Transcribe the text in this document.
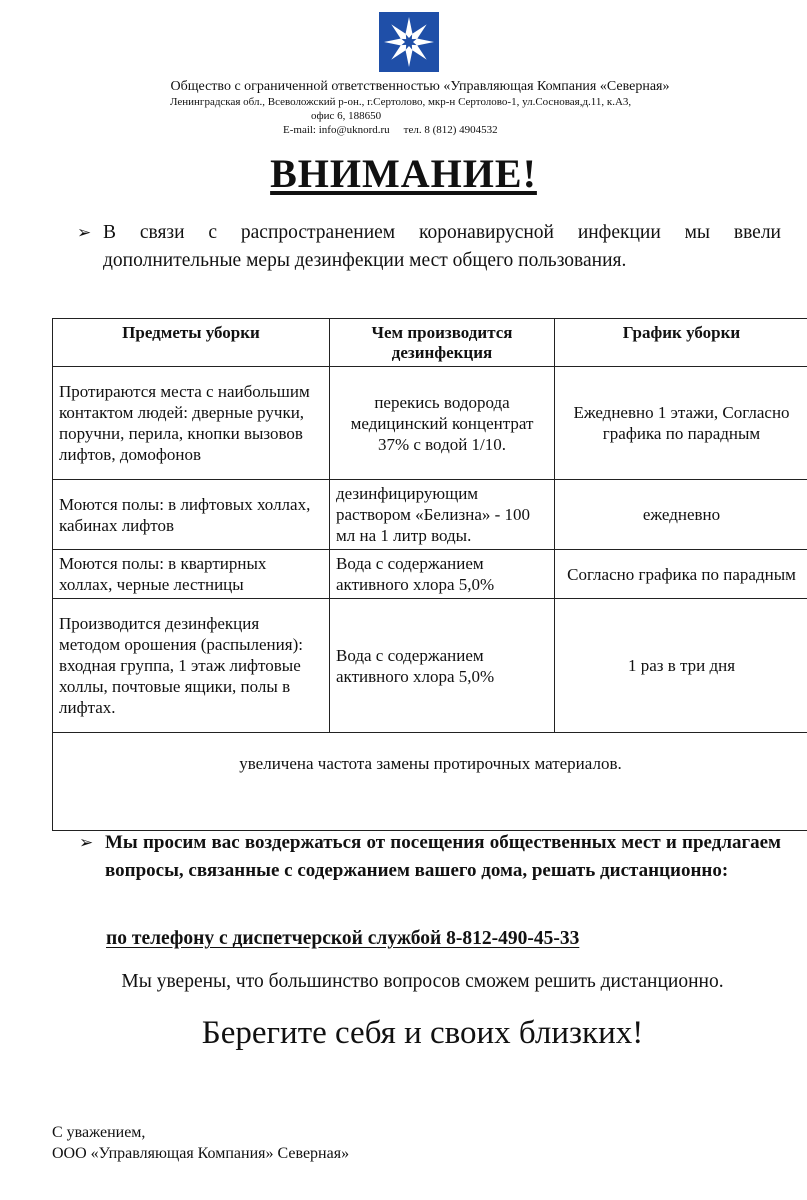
Общество с ограниченной ответственностью «Управляющая Компания «Северная»
Ленинградская обл., Всеволожский р-он., г.Сертолово, мкр-н Сертолово-1, ул.Сосновая,д.11, к.А3,
офис 6, 188650
E-mail: info@uknord.ru тел. 8 (812) 4904532
ВНИМАНИЕ!
➢ В связи с распространением коронавирусной инфекции мы ввели дополнительные меры дезинфекции мест общего пользования.
Предметы уборки	Чем производится дезинфекция	График уборки
Протираются места с наибольшим контактом людей: дверные ручки, поручни, перила, кнопки вызовов лифтов, домофонов	перекись водорода медицинский концентрат 37% с водой 1/10.	Ежедневно 1 этажи, Согласно графика по парадным
Моются полы: в лифтовых холлах, кабинах лифтов	дезинфицирующим раствором «Белизна» - 100 мл на 1 литр воды.	ежедневно
Моются полы: в квартирных холлах, черные лестницы	Вода с содержанием активного хлора 5,0%	Согласно графика по парадным
Производится дезинфекция методом орошения (распыления): входная группа, 1 этаж лифтовые холлы, почтовые ящики, полы в лифтах.	Вода с содержанием активного хлора 5,0%	1 раз в три дня
увеличена частота замены протирочных материалов.		
➢ Мы просим вас воздержаться от посещения общественных мест и предлагаем вопросы, связанные с содержанием вашего дома, решать дистанционно:
по телефону с диспетчерской службой 8-812-490-45-33
Мы уверены, что большинство вопросов сможем решить дистанционно.
Берегите себя и своих близких!
С уважением,
ООО «Управляющая Компания» Северная»
